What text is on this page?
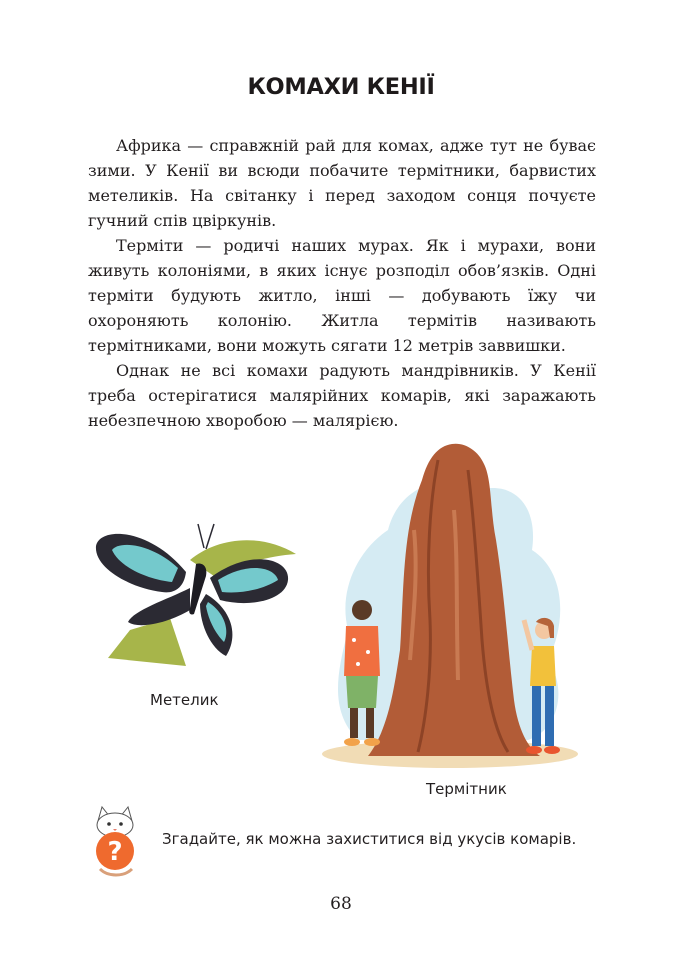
КОМАХИ КЕНІЇ

Африка — справжній рай для комах, адже тут не буває зими. У Кенії ви всюди побачите термітники, барвистих метеликів. На світанку і перед заходом сонця почуєте гучний спів цвіркунів.

Терміти — родичі наших мурах. Як і мурахи, вони живуть колоніями, в яких існує розподіл обов’язків. Одні терміти будують житло, інші — добувають їжу чи охороняють колонію. Житла термітів називають термітниками, вони можуть сягати 12 метрів заввишки.

Однак не всі комахи радують мандрівників. У Кенії треба остерігатися малярійних комарів, які заражають небезпечною хворобою — малярією.

Метелик
Термітник
?	Згадайте, як можна захиститися від укусів комарів.
68
